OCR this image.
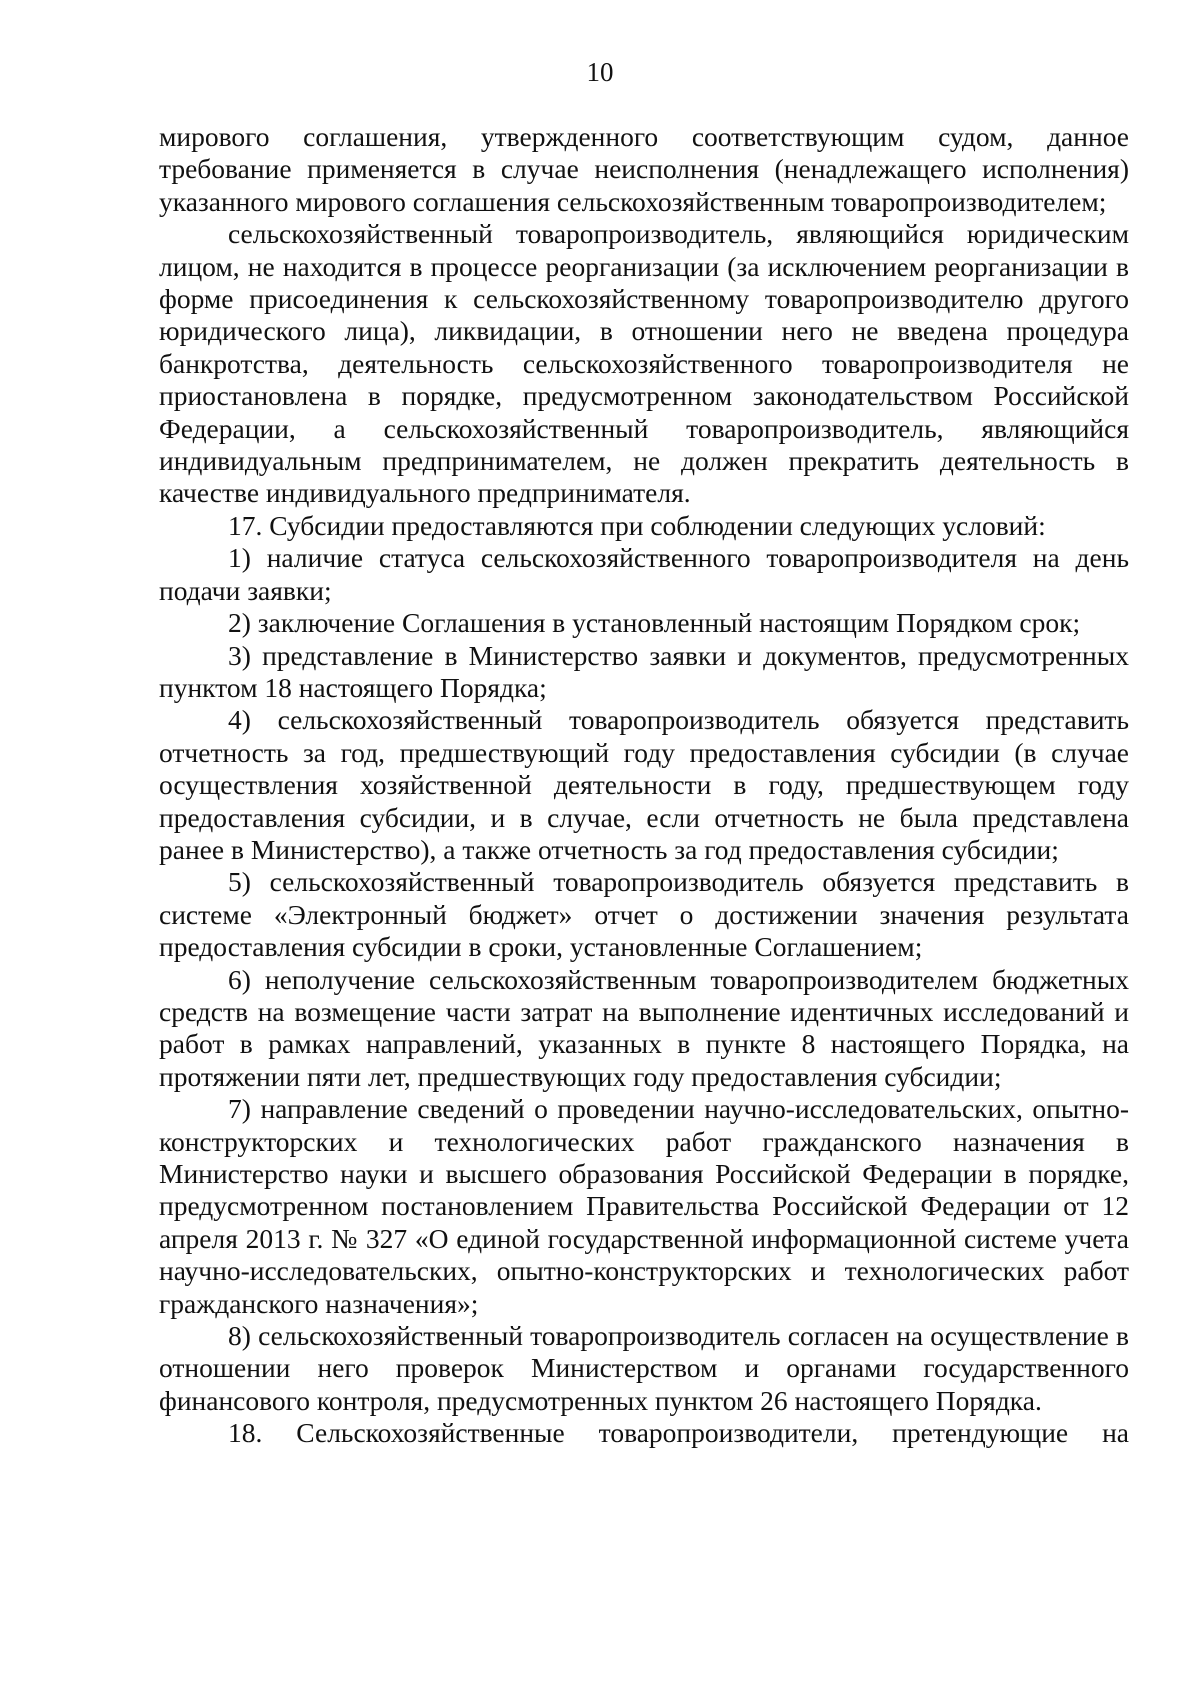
10

мирового соглашения, утвержденного соответствующим судом, данное требование применяется в случае неисполнения (ненадлежащего исполнения) указанного мирового соглашения сельскохозяйственным товаропроизводителем;

сельскохозяйственный товаропроизводитель, являющийся юридическим лицом, не находится в процессе реорганизации (за исключением реорганизации в форме присоединения к сельскохозяйственному товаропроизводителю другого юридического лица), ликвидации, в отношении него не введена процедура банкротства, деятельность сельскохозяйственного товаропроизводителя не приостановлена в порядке, предусмотренном законодательством Российской Федерации, а сельскохозяйственный товаропроизводитель, являющийся индивидуальным предпринимателем, не должен прекратить деятельность в качестве индивидуального предпринимателя.

17. Субсидии предоставляются при соблюдении следующих условий:

1) наличие статуса сельскохозяйственного товаропроизводителя на день подачи заявки;

2) заключение Соглашения в установленный настоящим Порядком срок;

3) представление в Министерство заявки и документов, предусмотренных пунктом 18 настоящего Порядка;

4) сельскохозяйственный товаропроизводитель обязуется представить отчетность за год, предшествующий году предоставления субсидии (в случае осуществления хозяйственной деятельности в году, предшествующем году предоставления субсидии, и в случае, если отчетность не была представлена ранее в Министерство), а также отчетность за год предоставления субсидии;

5) сельскохозяйственный товаропроизводитель обязуется представить в системе «Электронный бюджет» отчет о достижении значения результата предоставления субсидии в сроки, установленные Соглашением;

6) неполучение сельскохозяйственным товаропроизводителем бюджетных средств на возмещение части затрат на выполнение идентичных исследований и работ в рамках направлений, указанных в пункте 8 настоящего Порядка, на протяжении пяти лет, предшествующих году предоставления субсидии;

7) направление сведений о проведении научно-исследовательских, опытно-конструкторских и технологических работ гражданского назначения в Министерство науки и высшего образования Российской Федерации в порядке, предусмотренном постановлением Правительства Российской Федерации от 12 апреля 2013 г. № 327 «О единой государственной информационной системе учета научно-исследовательских, опытно-конструкторских и технологических работ гражданского назначения»;

8) сельскохозяйственный товаропроизводитель согласен на осуществление в отношении него проверок Министерством и органами государственного финансового контроля, предусмотренных пунктом 26 настоящего Порядка.

18. Сельскохозяйственные товаропроизводители, претендующие на
